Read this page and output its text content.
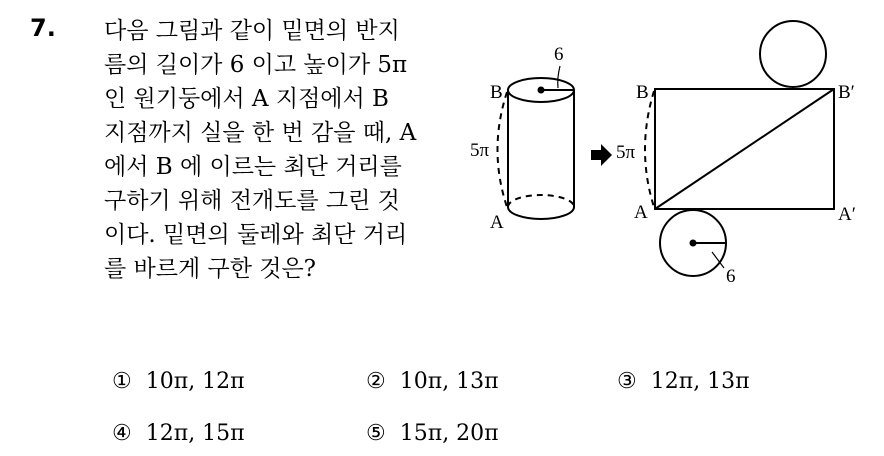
7. 다음 그림과 같이 밑면의 반지
름의 길이가 6 이고 높이가 5π
인 원기둥에서 A 지점에서 B
지점까지 실을 한 번 감을 때, A
에서 B 에 이르는 최단 거리를
구하기 위해 전개도를 그린 것
이다. 밑면의 둘레와 최단 거리
를 바르게 구한 것은?
B
A
5π
6
B	B′
A	A′
5π
6
① 10π, 12π	② 10π, 13π	③ 12π, 13π
④ 12π, 15π	⑤ 15π, 20π
